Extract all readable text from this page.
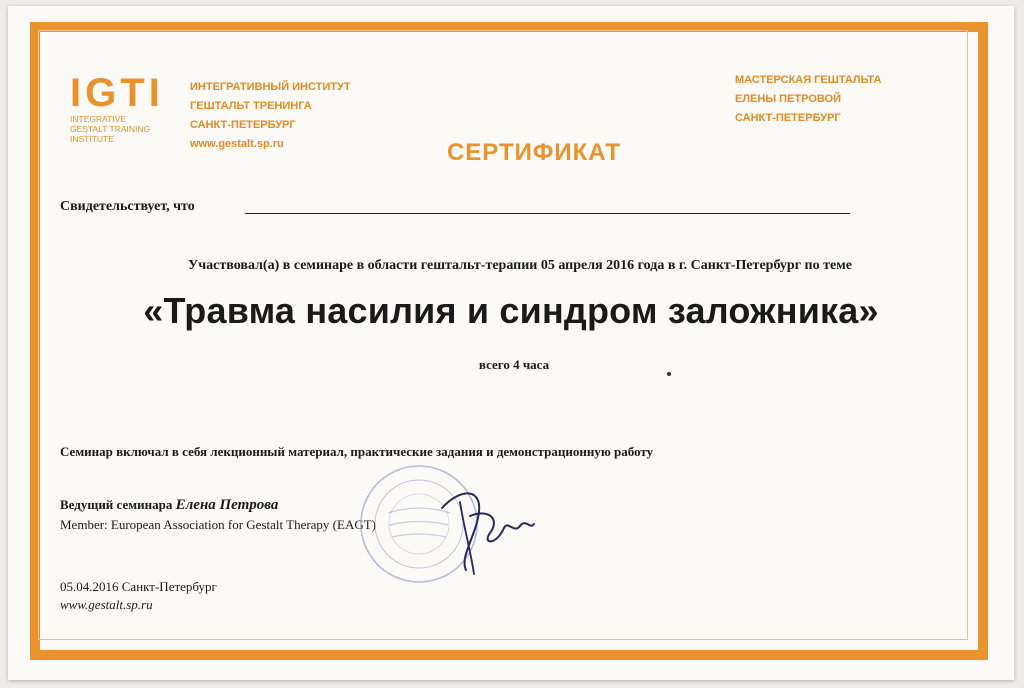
I G T I
INTEGRATIVE
GESTALT TRAINING
INSTITUTE
ИНТЕГРАТИВНЫЙ ИНСТИТУТ
ГЕШТАЛЬТ ТРЕНИНГА
САНКТ-ПЕТЕРБУРГ
www.gestalt.sp.ru
МАСТЕРСКАЯ ГЕШТАЛЬТА
ЕЛЕНЫ ПЕТРОВОЙ
САНКТ-ПЕТЕРБУРГ
СЕРТИФИКАТ
Свидетельствует, что
Участвовал(а) в семинаре в области гештальт-терапии 05 апреля 2016 года в г. Санкт-Петербург по теме
«Травма насилия и синдром заложника»
всего 4 часа
Семинар включал в себя лекционный материал, практические задания и демонстрационную работу
Ведущий семинара Елена Петрова
Member: European Association for Gestalt Therapy (EAGT)
05.04.2016 Санкт-Петербург
www.gestalt.sp.ru
